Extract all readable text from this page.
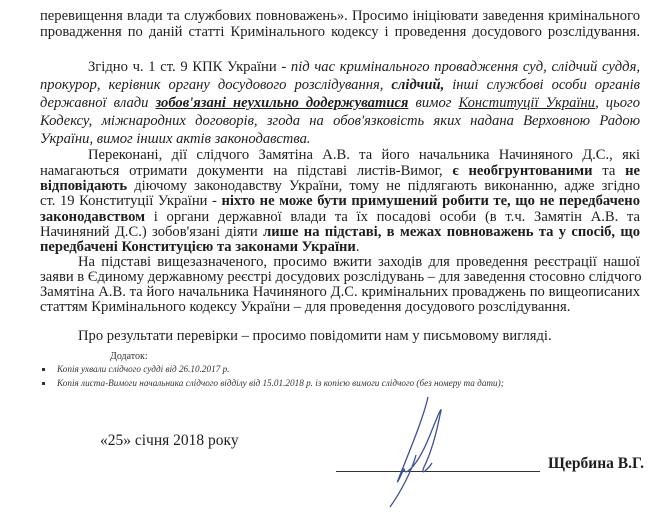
перевищення влади та службових повноважень». Просимо ініціювати заведення кримінального
провадження по даній статті Кримінального кодексу і проведення досудового розслідування.
Згідно ч. 1 ст. 9 КПК України - під час кримінального провадження суд, слідчий суддя,
прокурор, керівник органу досудового розслідування, слідчий, інші службові особи органів
державної влади зобов'язані неухильно додержуватися вимог Конституції України, цього
Кодексу, міжнародних договорів, згода на обов'язковість яких надана Верховною Радою
України, вимог інших актів законодавства.
Переконані, дії слідчого Замятіна А.В. та його начальника Начиняного Д.С., які
намагаються отримати документи на підставі листів-Вимог, є необгрунтованими та не
відповідають діючому законодавству України, тому не підлягають виконанню, адже згідно
ст. 19 Конституції України - ніхто не може бути примушений робити те, що не передбачено
законодавством і органи державної влади та їх посадові особи (в т.ч. Замятін А.В. та
Начиняний Д.С.) зобов'язані діяти лише на підставі, в межах повноважень та у спосіб, що
передбачені Конституцією та законами України.
На підставі вищезазначеного, просимо вжити заходів для проведення реєстрації нашої
заяви в Єдиному державному реєстрі досудових розслідувань – для заведення стосовно слідчого
Замятіна А.В. та його начальника Начиняного Д.С. кримінальних проваджень по вищеописаних
статтям Кримінального кодексу України – для проведення досудового розслідування.
Про результати перевірки – просимо повідомити нам у письмовому вигляді.
Додаток:
Копія ухвали слідчого судді від 26.10.2017 р.
Копія листа-Вимоги начальника слідчого відділу від 15.01.2018 р. із копією вимоги слідчого (без номеру та дати);
«25» січня 2018 року
Щербина В.Г.
